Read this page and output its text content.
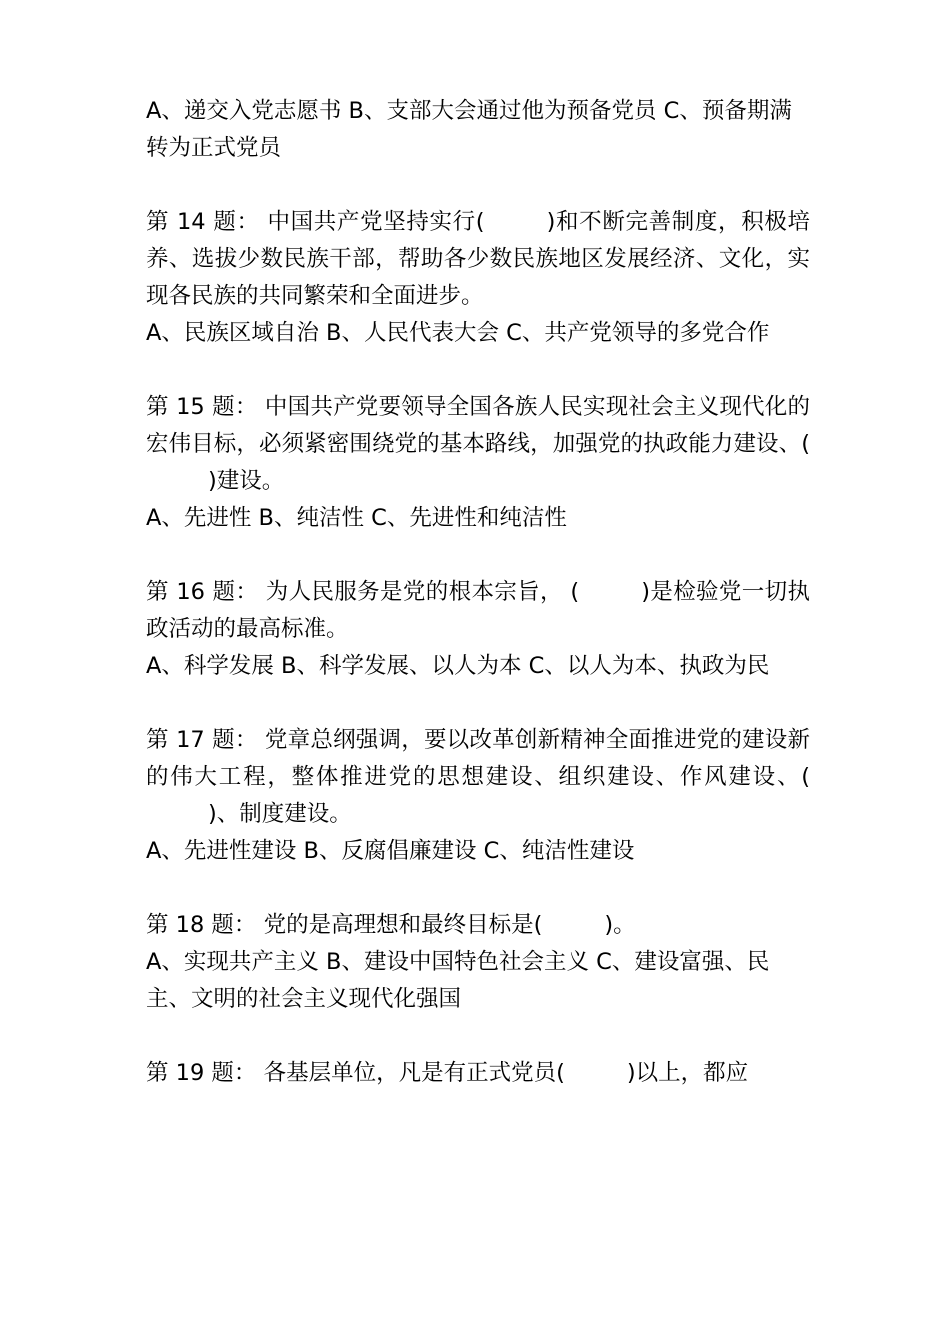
A、递交入党志愿书 B、支部大会通过他为预备党员 C、预备期满转为正式党员

第 14 题： 中国共产党坚持实行(	)和不断完善制度，积极培养、选拔少数民族干部，帮助各少数民族地区发展经济、文化，实现各民族的共同繁荣和全面进步。

A、民族区域自治 B、人民代表大会 C、共产党领导的多党合作

第 15 题： 中国共产党要领导全国各族人民实现社会主义现代化的宏伟目标，必须紧密围绕党的基本路线，加强党的执政能力建设、()建设。

A、先进性 B、纯洁性 C、先进性和纯洁性

第 16 题： 为人民服务是党的根本宗旨， (	)是检验党一切执政活动的最高标准。

A、科学发展 B、科学发展、以人为本 C、以人为本、执政为民

第 17 题： 党章总纲强调，要以改革创新精神全面推进党的建设新的伟大工程，整体推进党的思想建设、组织建设、作风建设、()、制度建设。

A、先进性建设 B、反腐倡廉建设 C、纯洁性建设

第 18 题： 党的是高理想和最终目标是(	)。

A、实现共产主义 B、建设中国特色社会主义 C、建设富强、民主、文明的社会主义现代化强国

第 19 题： 各基层单位，凡是有正式党员(	)以上，都应
